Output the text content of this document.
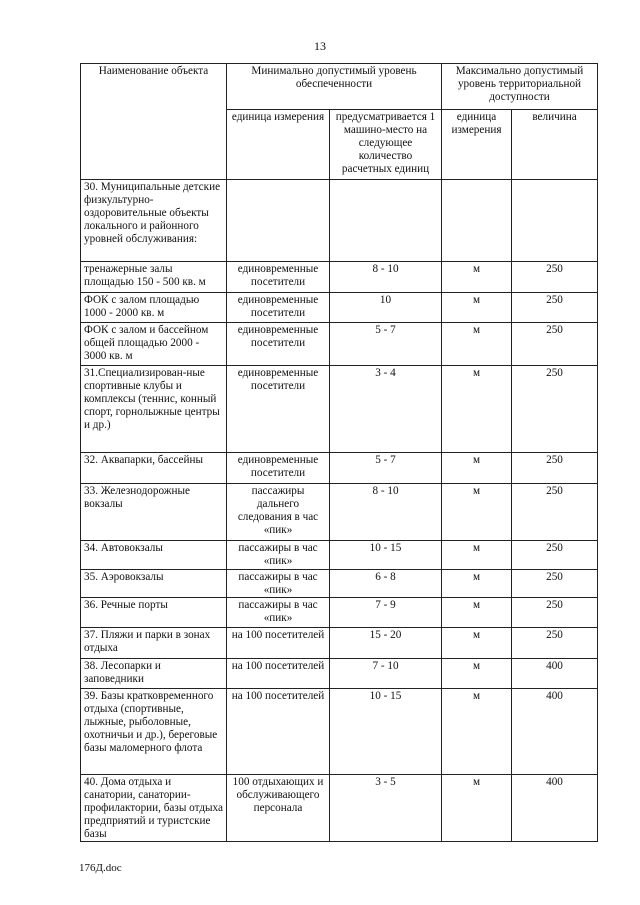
13
Наименование объекта	Минимально допустимый уровень обеспеченности		Максимально допустимый уровень территориальной доступности	
	единица измерения	предусматривается 1 машино-место на следующее количество расчетных единиц	единица измерения	величина
30. Муниципальные детские физкультурно-оздоровительные объекты локального и районного уровней обслуживания:				
тренажерные залы площадью 150 - 500 кв. м	единовременные посетители	8 - 10	м	250
ФОК с залом площадью 1000 - 2000 кв. м	единовременные посетители	10	м	250
ФОК с залом и бассейном общей площадью 2000 - 3000 кв. м	единовременные посетители	5 - 7	м	250
31.Специализирован-ные спортивные клубы и комплексы (теннис, конный спорт, горнолыжные центры и др.)	единовременные посетители	3 - 4	м	250
32. Аквапарки, бассейны	единовременные посетители	5 - 7	м	250
33. Железнодорожные вокзалы	пассажиры дальнего следования в час «пик»	8 - 10	м	250
34. Автовокзалы	пассажиры в час «пик»	10 - 15	м	250
35. Аэровокзалы	пассажиры в час «пик»	6 - 8	м	250
36. Речные порты	пассажиры в час «пик»	7 - 9	м	250
37. Пляжи и парки в зонах отдыха	на 100 посетителей	15 - 20	м	250
38. Лесопарки и заповедники	на 100 посетителей	7 - 10	м	400
39. Базы кратковременного отдыха (спортивные, лыжные, рыболовные, охотничьи и др.), береговые базы маломерного флота	на 100 посетителей	10 - 15	м	400
40. Дома отдыха и санатории, санатории-профилактории, базы отдыха предприятий и туристские базы	100 отдыхающих и обслуживающего персонала	3 - 5	м	400
176Д.doc
